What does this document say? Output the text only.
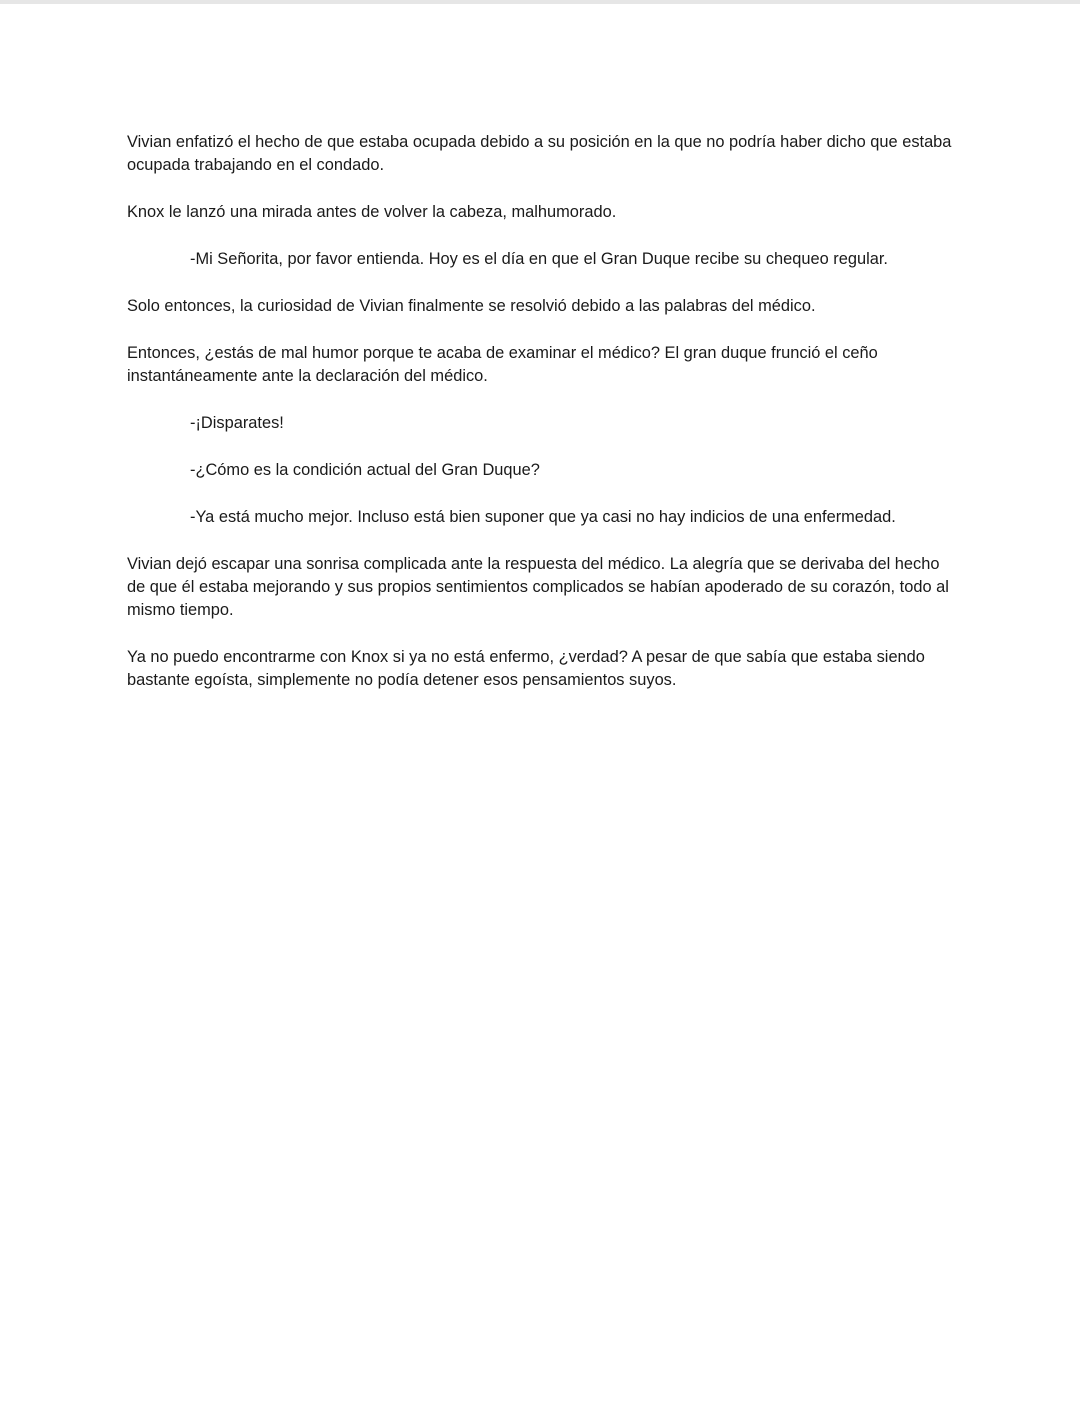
Vivian enfatizó el hecho de que estaba ocupada debido a su posición en la que no podría haber dicho que estaba ocupada trabajando en el condado.

Knox le lanzó una mirada antes de volver la cabeza, malhumorado.

-Mi Señorita, por favor entienda. Hoy es el día en que el Gran Duque recibe su chequeo regular.

Solo entonces, la curiosidad de Vivian finalmente se resolvió debido a las palabras del médico.

Entonces, ¿estás de mal humor porque te acaba de examinar el médico? El gran duque frunció el ceño instantáneamente ante la declaración del médico.

-¡Disparates!

-¿Cómo es la condición actual del Gran Duque?

-Ya está mucho mejor. Incluso está bien suponer que ya casi no hay indicios de una enfermedad.

Vivian dejó escapar una sonrisa complicada ante la respuesta del médico. La alegría que se derivaba del hecho de que él estaba mejorando y sus propios sentimientos complicados se habían apoderado de su corazón, todo al mismo tiempo.

Ya no puedo encontrarme con Knox si ya no está enfermo, ¿verdad? A pesar de que sabía que estaba siendo bastante egoísta, simplemente no podía detener esos pensamientos suyos.
